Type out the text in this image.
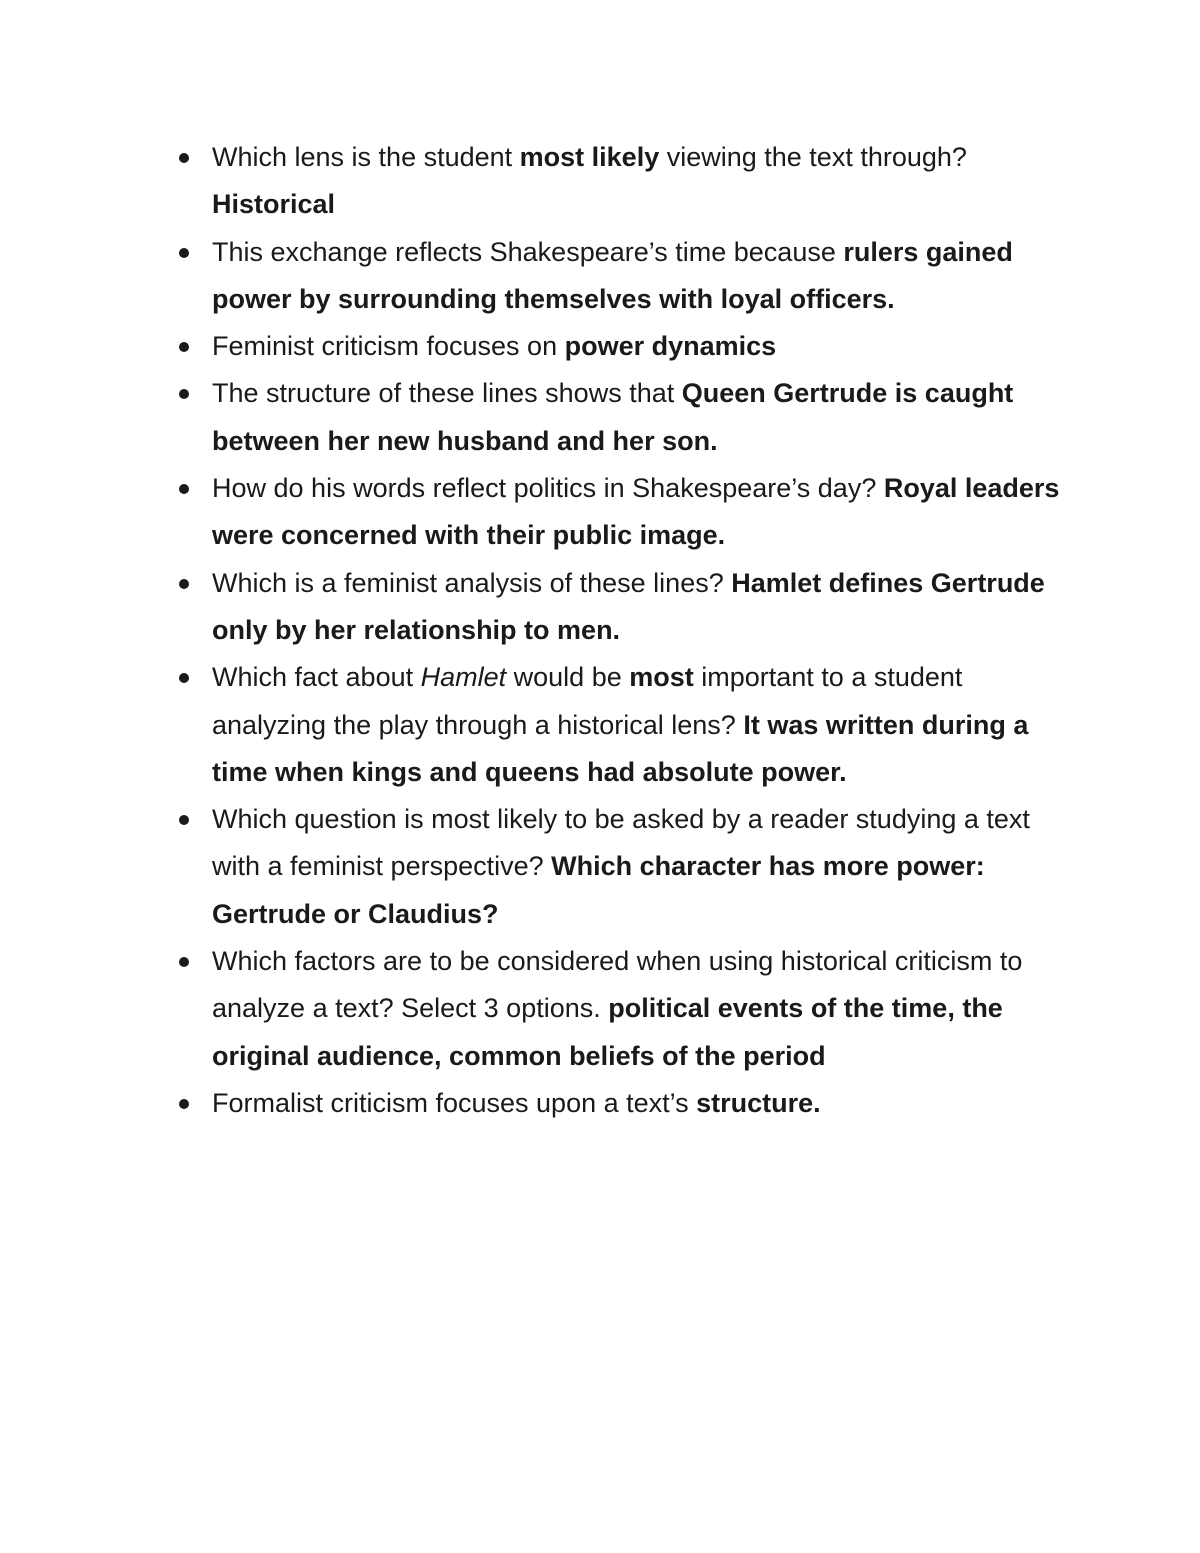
Which lens is the student most likely viewing the text through? Historical
This exchange reflects Shakespeare’s time because rulers gained power by surrounding themselves with loyal officers.
Feminist criticism focuses on power dynamics
The structure of these lines shows that Queen Gertrude is caught between her new husband and her son.
How do his words reflect politics in Shakespeare’s day? Royal leaders were concerned with their public image.
Which is a feminist analysis of these lines? Hamlet defines Gertrude only by her relationship to men.
Which fact about Hamlet would be most important to a student analyzing the play through a historical lens? It was written during a time when kings and queens had absolute power.
Which question is most likely to be asked by a reader studying a text with a feminist perspective? Which character has more power: Gertrude or Claudius?
Which factors are to be considered when using historical criticism to analyze a text? Select 3 options. political events of the time, the original audience, common beliefs of the period
Formalist criticism focuses upon a text’s structure.
